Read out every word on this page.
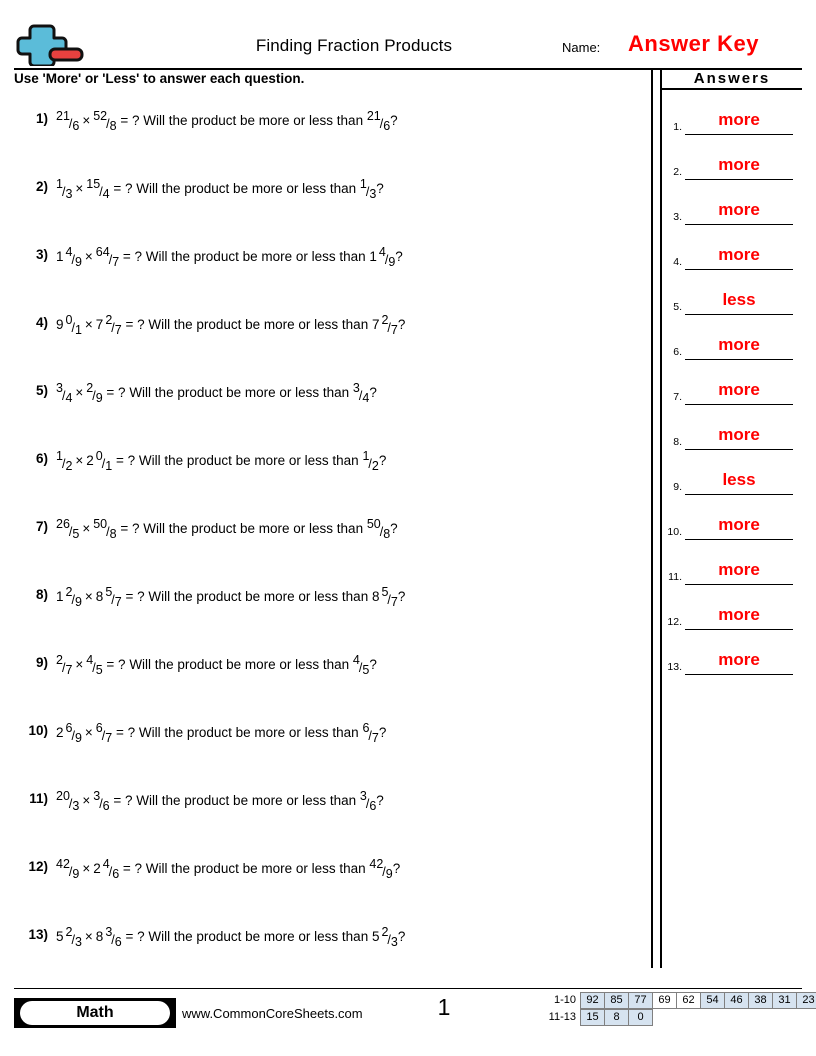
Finding Fraction Products	Name: Answer Key
Use 'More' or 'Less' to answer each question.
1) 21/6 × 52/8 = ? Will the product be more or less than 21/6?
2) 1/3 × 15/4 = ? Will the product be more or less than 1/3?
3) 1 4/9 × 64/7 = ? Will the product be more or less than 1 4/9?
4) 9 0/1 × 7 2/7 = ? Will the product be more or less than 7 2/7?
5) 3/4 × 2/9 = ? Will the product be more or less than 3/4?
6) 1/2 × 2 0/1 = ? Will the product be more or less than 1/2?
7) 26/5 × 50/8 = ? Will the product be more or less than 50/8?
8) 1 2/9 × 8 5/7 = ? Will the product be more or less than 8 5/7?
9) 2/7 × 4/5 = ? Will the product be more or less than 4/5?
10) 2 6/9 × 6/7 = ? Will the product be more or less than 6/7?
11) 20/3 × 3/6 = ? Will the product be more or less than 3/6?
12) 42/9 × 2 4/6 = ? Will the product be more or less than 42/9?
13) 5 2/3 × 8 3/6 = ? Will the product be more or less than 5 2/3?
Answers
1.	more
2.	more
3.	more
4.	more
5.	less
6.	more
7.	more
8.	more
9.	less
10.	more
11.	more
12.	more
13.	more
Math	www.CommonCoreSheets.com	1	1-10 92	85	77	69	62	54	46	38	31	23
11-13 15	8	0
